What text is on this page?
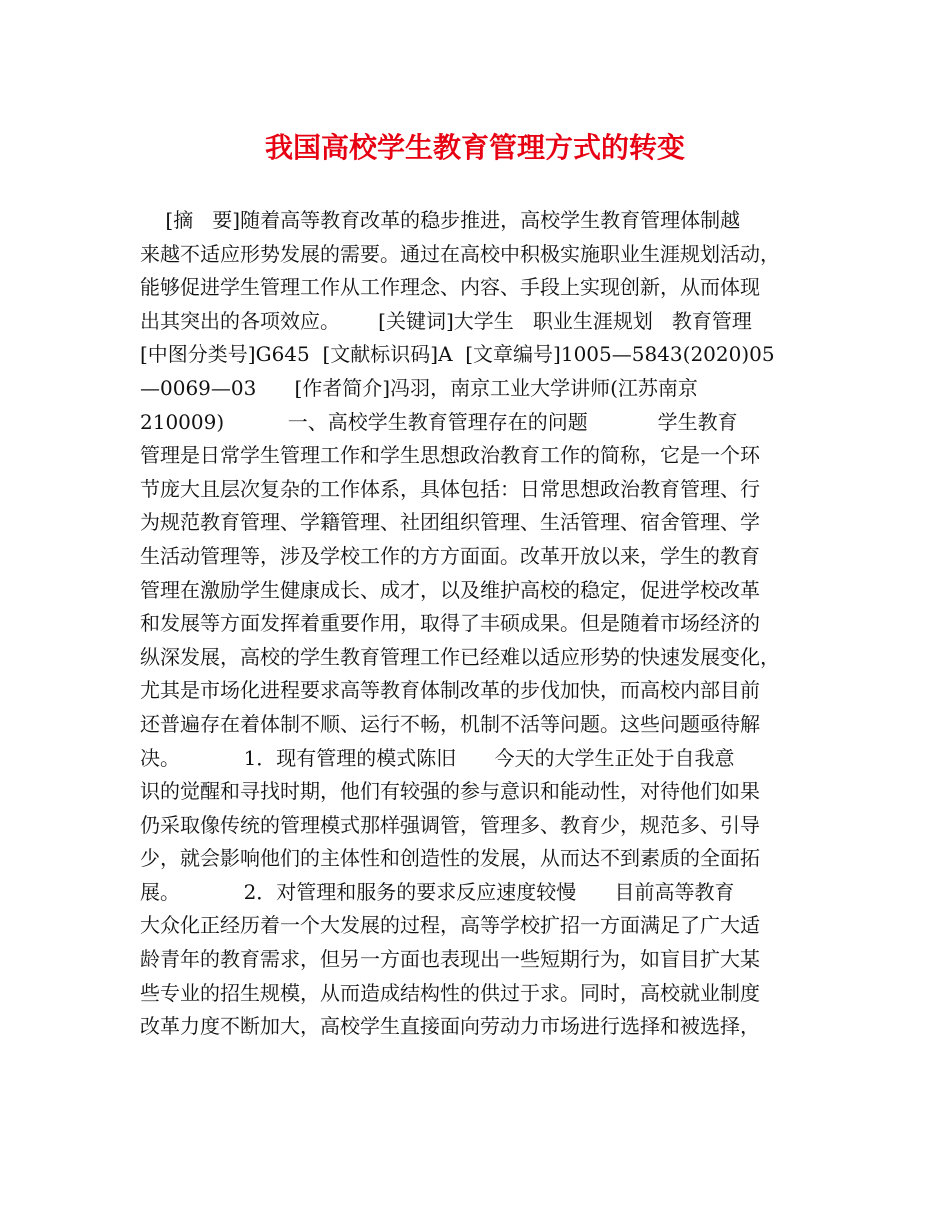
我国高校学生教育管理方式的转变
[摘   要]随着高等教育改革的稳步推进，高校学生教育管理体制越
来越不适应形势发展的需要。通过在高校中积极实施职业生涯规划活动，
能够促进学生管理工作从工作理念、内容、手段上实现创新，从而体现
出其突出的各项效应。      [关键词]大学生   职业生涯规划   教育管理
[中图分类号]G645  [文献标识码]A  [文章编号]1005—5843(2020)05
—0069—03      [作者简介]冯羽，南京工业大学讲师(江苏南京
210009)          一、高校学生教育管理存在的问题           学生教育
管理是日常学生管理工作和学生思想政治教育工作的简称，它是一个环
节庞大且层次复杂的工作体系，具体包括：日常思想政治教育管理、行
为规范教育管理、学籍管理、社团组织管理、生活管理、宿舍管理、学
生活动管理等，涉及学校工作的方方面面。改革开放以来，学生的教育
管理在激励学生健康成长、成才，以及维护高校的稳定，促进学校改革
和发展等方面发挥着重要作用，取得了丰硕成果。但是随着市场经济的
纵深发展，高校的学生教育管理工作已经难以适应形势的快速发展变化，
尤其是市场化进程要求高等教育体制改革的步伐加快，而高校内部目前
还普遍存在着体制不顺、运行不畅，机制不活等问题。这些问题亟待解
决。          1．现有管理的模式陈旧      今天的大学生正处于自我意
识的觉醒和寻找时期，他们有较强的参与意识和能动性，对待他们如果
仍采取像传统的管理模式那样强调管，管理多、教育少，规范多、引导
少，就会影响他们的主体性和创造性的发展，从而达不到素质的全面拓
展。          2．对管理和服务的要求反应速度较慢      目前高等教育
大众化正经历着一个大发展的过程，高等学校扩招一方面满足了广大适
龄青年的教育需求，但另一方面也表现出一些短期行为，如盲目扩大某
些专业的招生规模，从而造成结构性的供过于求。同时，高校就业制度
改革力度不断加大，高校学生直接面向劳动力市场进行选择和被选择，
